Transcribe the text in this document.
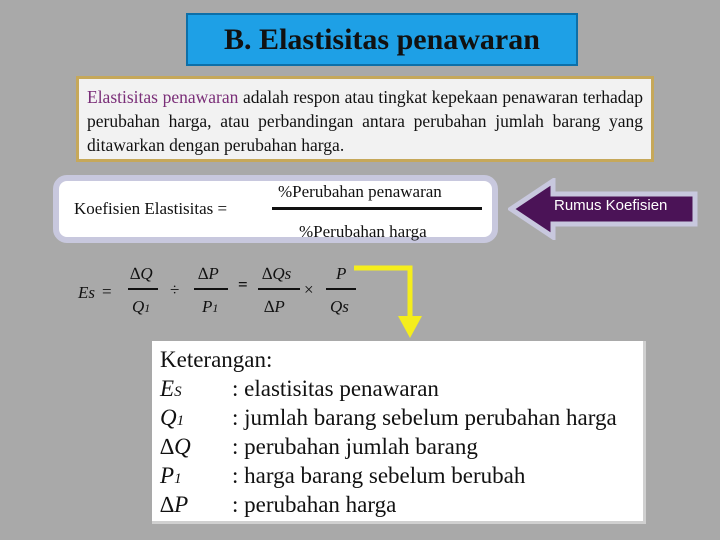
B. Elastisitas penawaran
Elastisitas penawaran adalah respon atau tingkat kepekaan penawaran terhadap perubahan harga, atau perbandingan antara perubahan jumlah barang yang ditawarkan dengan perubahan harga.
Koefisien Elastisitas =
%Perubahan penawaran
%Perubahan harga
Rumus Koefisien
Es =
∆Q
Q1
÷
∆P
P1
=
∆Qs
∆P
×
P
Qs
Keterangan:
ES : elastisitas penawaran
Q1 : jumlah barang sebelum perubahan harga
∆Q : perubahan jumlah barang
P1 : harga barang sebelum berubah
∆P : perubahan harga
